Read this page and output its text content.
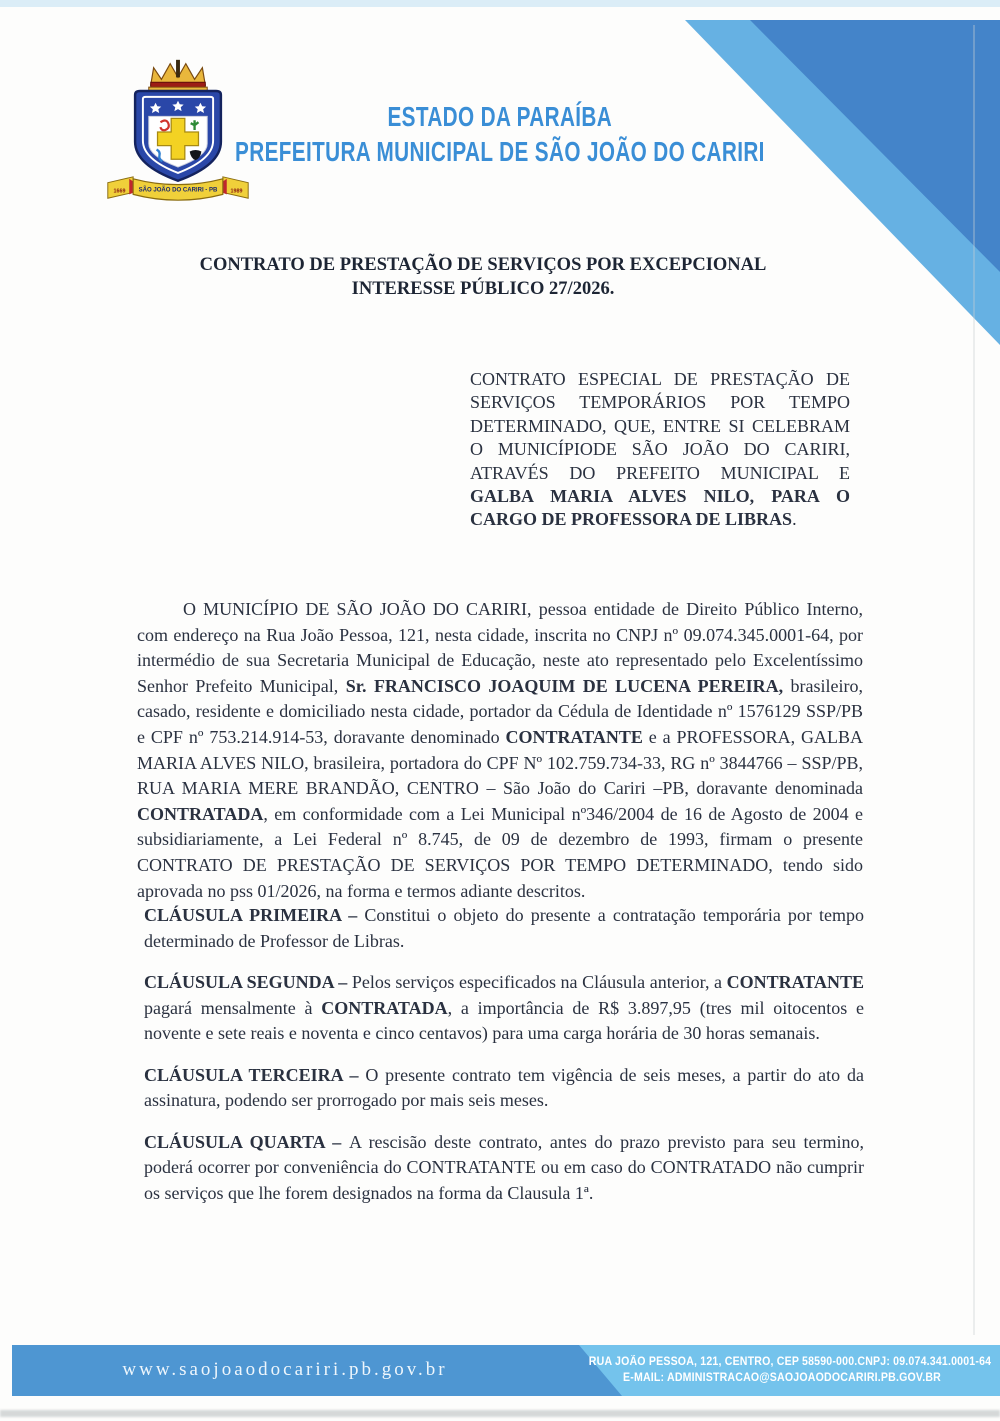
SÃO JOÃO DO CARIRI - PB
1669	1989
ESTADO DA PARAÍBA
PREFEITURA MUNICIPAL DE SÃO JOÃO DO CARIRI
CONTRATO DE PRESTAÇÃO DE SERVIÇOS POR EXCEPCIONAL
INTERESSE PÚBLICO 27/2026.
CONTRATO ESPECIAL DE PRESTAÇÃO DE SERVIÇOS TEMPORÁRIOS POR TEMPO DETERMINADO, QUE, ENTRE SI CELEBRAM O MUNICÍPIODE SÃO JOÃO DO CARIRI, ATRAVÉS DO PREFEITO MUNICIPAL E GALBA MARIA ALVES NILO, PARA O CARGO DE PROFESSORA DE LIBRAS.
O MUNICÍPIO DE SÃO JOÃO DO CARIRI, pessoa entidade de Direito Público Interno, com endereço na Rua João Pessoa, 121, nesta cidade, inscrita no CNPJ nº 09.074.345.0001-64, por intermédio de sua Secretaria Municipal de Educação, neste ato representado pelo Excelentíssimo Senhor Prefeito Municipal, Sr. FRANCISCO JOAQUIM DE LUCENA PEREIRA, brasileiro, casado, residente e domiciliado nesta cidade, portador da Cédula de Identidade nº 1576129 SSP/PB e CPF nº 753.214.914-53, doravante denominado CONTRATANTE e a PROFESSORA, GALBA MARIA ALVES NILO, brasileira, portadora do CPF Nº 102.759.734-33, RG nº 3844766 – SSP/PB, RUA MARIA MERE BRANDÃO, CENTRO – São João do Cariri –PB, doravante denominada CONTRATADA, em conformidade com a Lei Municipal nº346/2004 de 16 de Agosto de 2004 e subsidiariamente, a Lei Federal nº 8.745, de 09 de dezembro de 1993, firmam o presente CONTRATO DE PRESTAÇÃO DE SERVIÇOS POR TEMPO DETERMINADO, tendo sido aprovada no pss 01/2026, na forma e termos adiante descritos.

CLÁUSULA PRIMEIRA – Constitui o objeto do presente a contratação temporária por tempo determinado de Professor de Libras.

CLÁUSULA SEGUNDA – Pelos serviços especificados na Cláusula anterior, a CONTRATANTE pagará mensalmente à CONTRATADA, a importância de R$ 3.897,95 (tres mil oitocentos e novente e sete reais e noventa e cinco centavos) para uma carga horária de 30 horas semanais.

CLÁUSULA TERCEIRA – O presente contrato tem vigência de seis meses, a partir do ato da assinatura, podendo ser prorrogado por mais seis meses.

CLÁUSULA QUARTA – A rescisão deste contrato, antes do prazo previsto para seu termino, poderá ocorrer por conveniência do CONTRATANTE ou em caso do CONTRATADO não cumprir os serviços que lhe forem designados na forma da Clausula 1ª.

www.saojoaodocariri.pb.gov.br	RUA JOÃO PESSOA, 121, CENTRO, CEP 58590-000.CNPJ: 09.074.341.0001-64
E-MAIL: ADMINISTRACAO@SAOJOAODOCARIRI.PB.GOV.BR
